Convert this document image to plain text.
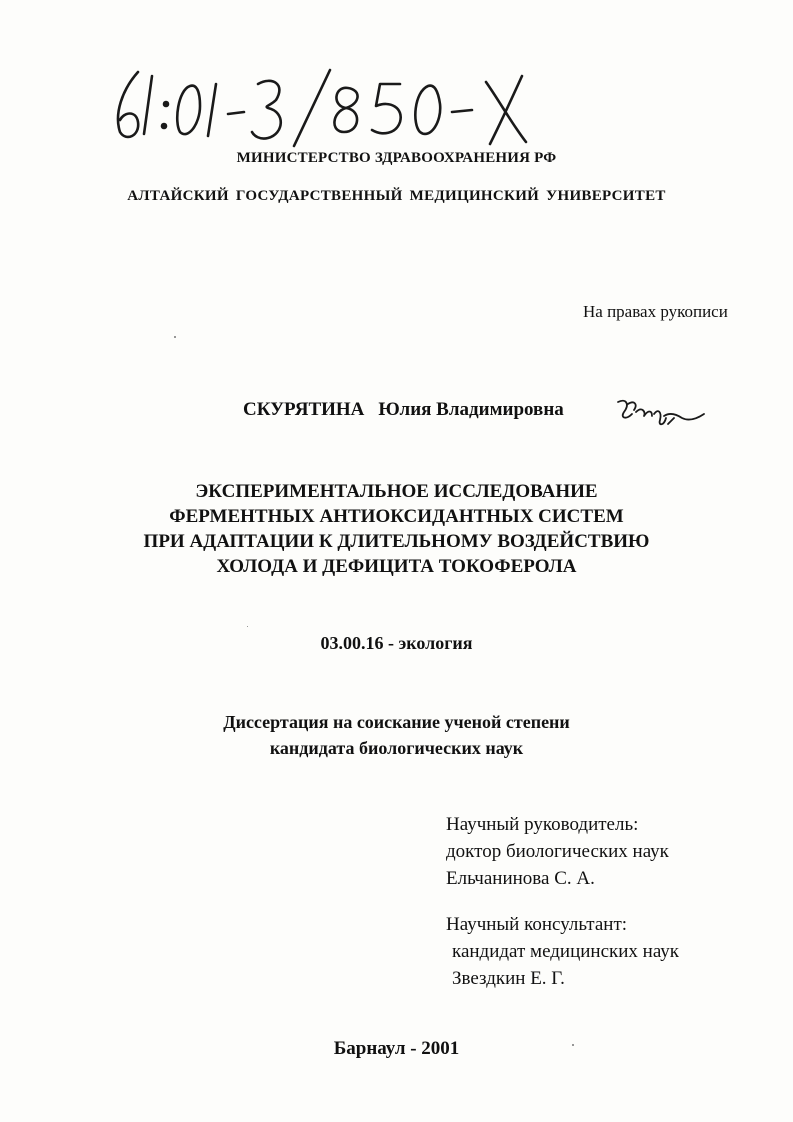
МИНИСТЕРСТВО ЗДРАВООХРАНЕНИЯ РФ
АЛТАЙСКИЙ ГОСУДАРСТВЕННЫЙ МЕДИЦИНСКИЙ УНИВЕРСИТЕТ
На правах рукописи
СКУРЯТИНА Юлия Владимировна
ЭКСПЕРИМЕНТАЛЬНОЕ ИССЛЕДОВАНИЕ
ФЕРМЕНТНЫХ АНТИОКСИДАНТНЫХ СИСТЕМ
ПРИ АДАПТАЦИИ К ДЛИТЕЛЬНОМУ ВОЗДЕЙСТВИЮ
ХОЛОДА И ДЕФИЦИТА ТОКОФЕРОЛА
03.00.16 - экология
Диссертация на соискание ученой степени
кандидата биологических наук
Научный руководитель:
доктор биологических наук
Ельчанинова С. А.
Научный консультант:
кандидат медицинских наук
Звездкин Е. Г.
Барнаул - 2001
